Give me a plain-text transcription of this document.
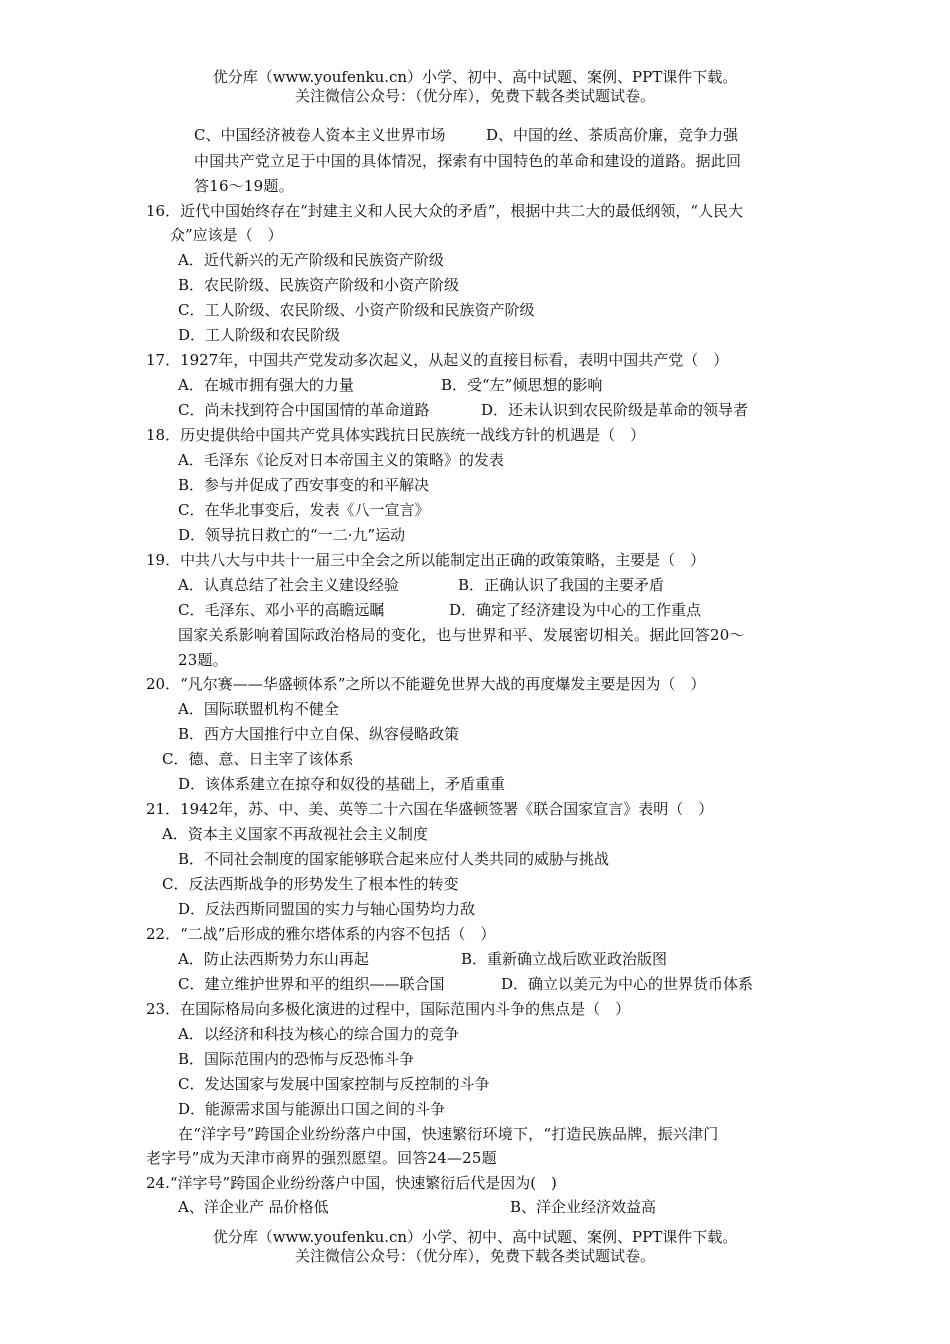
优分库（www.youfenku.cn）小学、初中、高中试题、案例、PPT课件下载。
关注微信公众号：（优分库），免费下载各类试题试卷。
C、中国经济被卷人资本主义世界市场	D、中国的丝、茶质高价廉，竞争力强
中国共产党立足于中国的具体情况，探索有中国特色的革命和建设的道路。据此回
答16～19题。
16．近代中国始终存在“封建主义和人民大众的矛盾”，根据中共二大的最低纲领，“人民大
众”应该是（　）
A．近代新兴的无产阶级和民族资产阶级
B．农民阶级、民族资产阶级和小资产阶级
C．工人阶级、农民阶级、小资产阶级和民族资产阶级
D．工人阶级和农民阶级
17．1927年，中国共产党发动多次起义，从起义的直接目标看，表明中国共产党（　）
A．在城市拥有强大的力量	B．受“左”倾思想的影响
C．尚未找到符合中国国情的革命道路	D．还未认识到农民阶级是革命的领导者
18．历史提供给中国共产党具体实践抗日民族统一战线方针的机遇是（　）
A．毛泽东《论反对日本帝国主义的策略》的发表
B．参与并促成了西安事变的和平解决
C．在华北事变后，发表《八一宣言》
D．领导抗日救亡的“一二·九”运动
19．中共八大与中共十一届三中全会之所以能制定出正确的政策策略，主要是（　）
A．认真总结了社会主义建设经验	B．正确认识了我国的主要矛盾
C．毛泽东、邓小平的高瞻远瞩	D．确定了经济建设为中心的工作重点
国家关系影响着国际政治格局的变化，也与世界和平、发展密切相关。据此回答20～
23题。
20．“凡尔赛——华盛顿体系”之所以不能避免世界大战的再度爆发主要是因为（　）
A．国际联盟机构不健全
B．西方大国推行中立自保、纵容侵略政策
C．德、意、日主宰了该体系
D．该体系建立在掠夺和奴役的基础上，矛盾重重
21．1942年，苏、中、美、英等二十六国在华盛顿签署《联合国家宣言》表明（　）
A．资本主义国家不再敌视社会主义制度
B．不同社会制度的国家能够联合起来应付人类共同的威胁与挑战
C．反法西斯战争的形势发生了根本性的转变
D．反法西斯同盟国的实力与轴心国势均力敌
22．“二战”后形成的雅尔塔体系的内容不包括（　）
A．防止法西斯势力东山再起	B．重新确立战后欧亚政治版图
C．建立维护世界和平的组织——联合国	D．确立以美元为中心的世界货币体系
23．在国际格局向多极化演进的过程中，国际范围内斗争的焦点是（　）
A．以经济和科技为核心的综合国力的竞争
B．国际范围内的恐怖与反恐怖斗争
C．发达国家与发展中国家控制与反控制的斗争
D．能源需求国与能源出口国之间的斗争
在“洋字号”跨国企业纷纷落户中国，快速繁衍环境下，“打造民族品牌，振兴津门
老字号”成为天津市商界的强烈愿望。回答24—25题
24.“洋字号”跨国企业纷纷落户中国，快速繁衍后代是因为(　)
A、洋企业产 品价格低	B、洋企业经济效益高
优分库（www.youfenku.cn）小学、初中、高中试题、案例、PPT课件下载。
关注微信公众号：（优分库），免费下载各类试题试卷。
